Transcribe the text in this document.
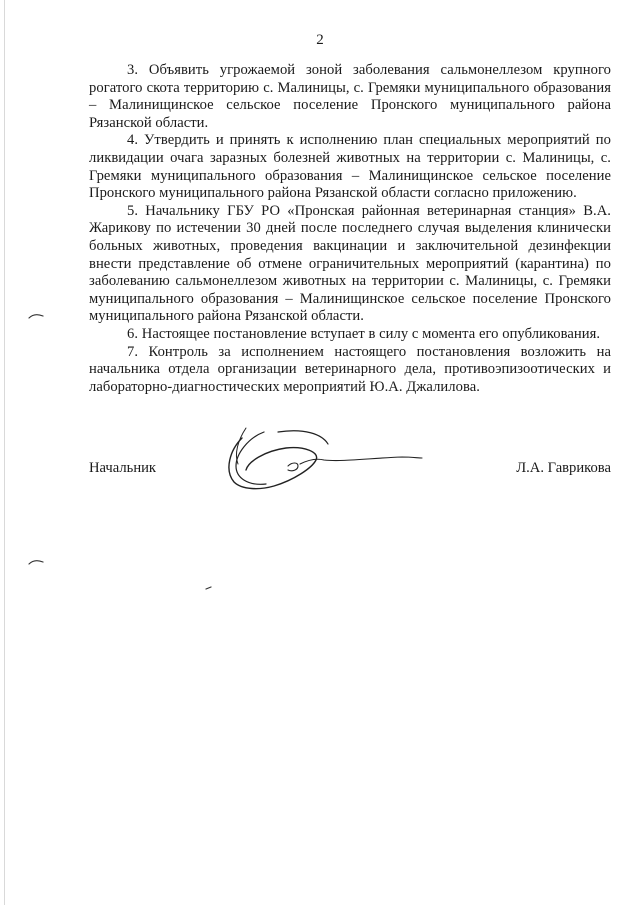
2

3. Объявить угрожаемой зоной заболевания сальмонеллезом крупного рогатого скота территорию с. Малиницы, с. Гремяки муниципального образования – Малинищинское сельское поселение Пронского муниципального района Рязанской области.

4. Утвердить и принять к исполнению план специальных мероприятий по ликвидации очага заразных болезней животных на территории с. Малиницы, с. Гремяки муниципального образования – Малинищинское сельское поселение Пронского муниципального района Рязанской области согласно приложению.

5. Начальнику ГБУ РО «Пронская районная ветеринарная станция» В.А. Жарикову по истечении 30 дней после последнего случая выделения клинически больных животных, проведения вакцинации и заключительной дезинфекции внести представление об отмене ограничительных мероприятий (карантина) по заболеванию сальмонеллезом животных на территории с. Малиницы, с. Гремяки муниципального образования – Малинищинское сельское поселение Пронского муниципального района Рязанской области.

6. Настоящее постановление вступает в силу с момента его опубликования.

7. Контроль за исполнением настоящего постановления возложить на начальника отдела организации ветеринарного дела, противоэпизоотических и лабораторно-диагностических мероприятий Ю.А. Джалилова.

Начальник	Л.А. Гаврикова
